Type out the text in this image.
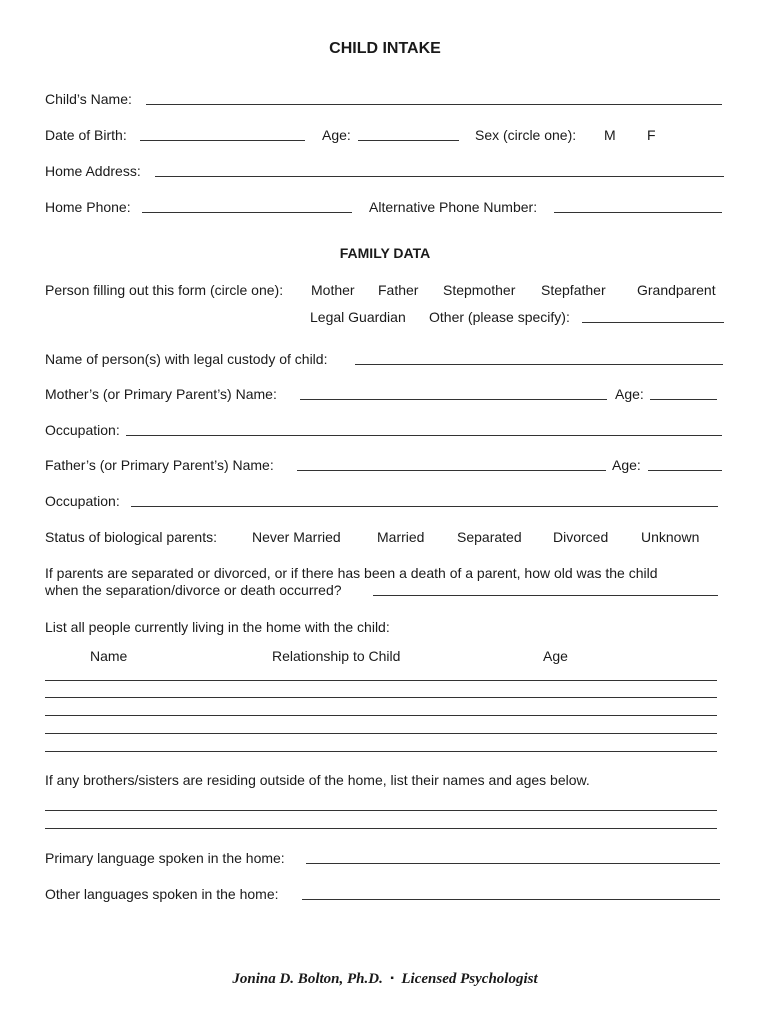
CHILD INTAKE
Child’s Name:
Date of Birth:	Age:	Sex (circle one): M F
Home Address:
Home Phone:	Alternative Phone Number:
FAMILY DATA
Person filling out this form (circle one): Mother Father Stepmother Stepfather Grandparent
Legal Guardian Other (please specify):
Name of person(s) with legal custody of child:
Mother’s (or Primary Parent’s) Name:	Age:
Occupation:
Father’s (or Primary Parent’s) Name:	Age:
Occupation:
Status of biological parents:	Never Married	Married Separated Divorced Unknown
If parents are separated or divorced, or if there has been a death of a parent, how old was the child
when the separation/divorce or death occurred?
List all people currently living in the home with the child:
Name	Relationship to Child	Age
If any brothers/sisters are residing outside of the home, list their names and ages below.
Primary language spoken in the home:
Other languages spoken in the home:
Jonina D. Bolton, Ph.D. ▪ Licensed Psychologist
